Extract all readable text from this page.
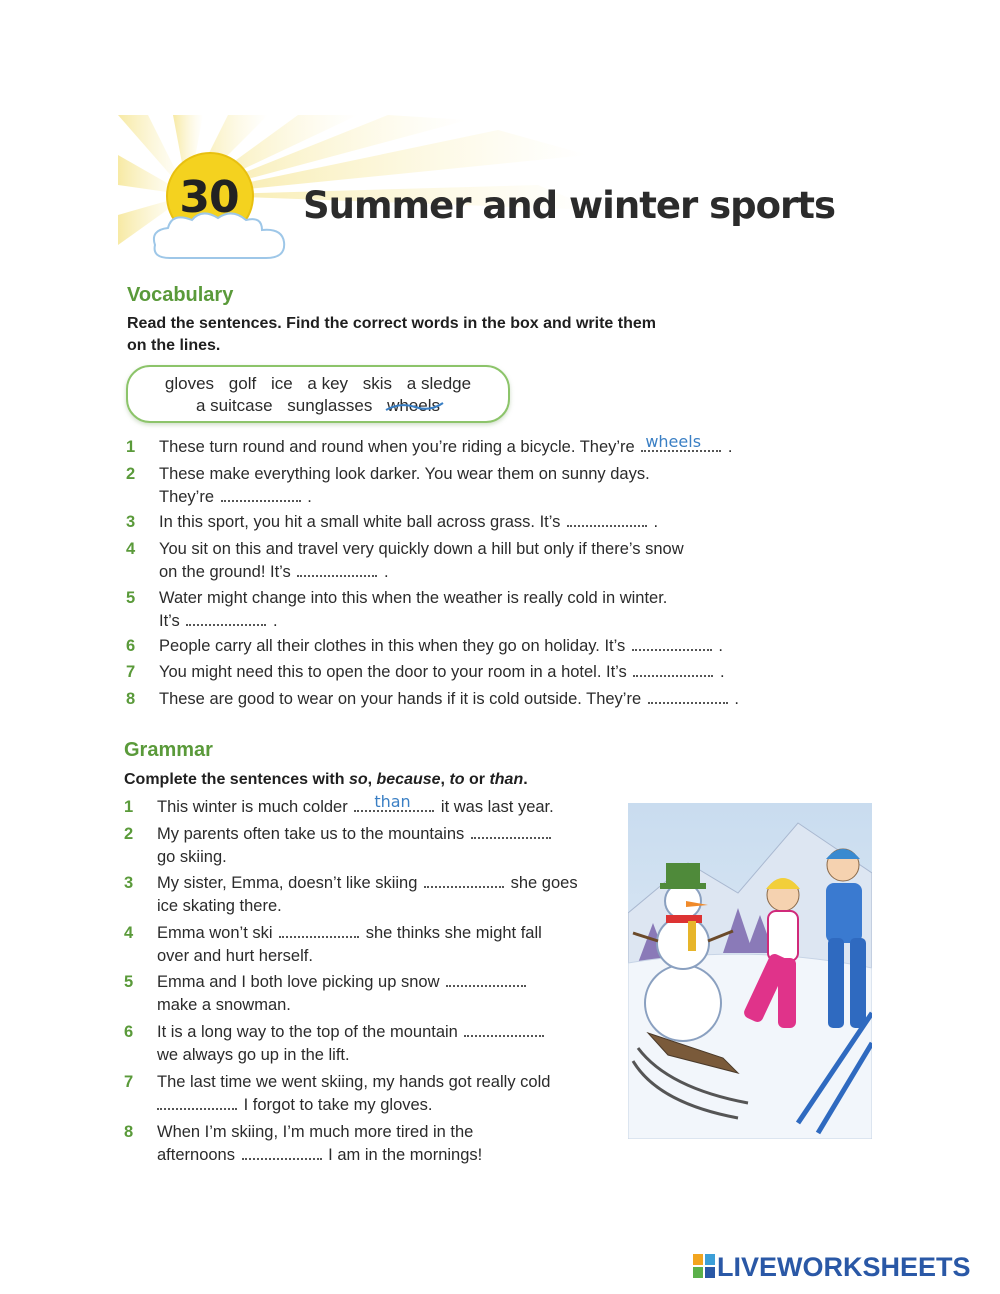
30 Summer and winter sports
Vocabulary
Read the sentences. Find the correct words in the box and write them
on the lines.
gloves golf ice a key skis a sledge
a suitcase sunglasses wheels
1 These turn round and round when you’re riding a bicycle. They’re wheels .
2 These make everything look darker. You wear them on sunny days.
They’re	.
3 In this sport, you hit a small white ball across grass. It’s	.
4 You sit on this and travel very quickly down a hill but only if there’s snow
on the ground! It’s	.
5 Water might change into this when the weather is really cold in winter.
It’s	.
6 People carry all their clothes in this when they go on holiday. It’s	.
7 You might need this to open the door to your room in a hotel. It’s	.
8 These are good to wear on your hands if it is cold outside. They’re	.
Grammar
Complete the sentences with so, because, to or than.
1 This winter is much colder than it was last year.
2 My parents often take us to the mountains
go skiing.
3 My sister, Emma, doesn’t like skiing	she goes
ice skating there.
4 Emma won’t ski	she thinks she might fall
over and hurt herself.
5 Emma and I both love picking up snow
make a snowman.
6 It is a long way to the top of the mountain
we always go up in the lift.
7 The last time we went skiing, my hands got really cold
I forgot to take my gloves.
8 When I’m skiing, I’m much more tired in the
afternoons	I am in the mornings!
LIVEWORKSHEETS
